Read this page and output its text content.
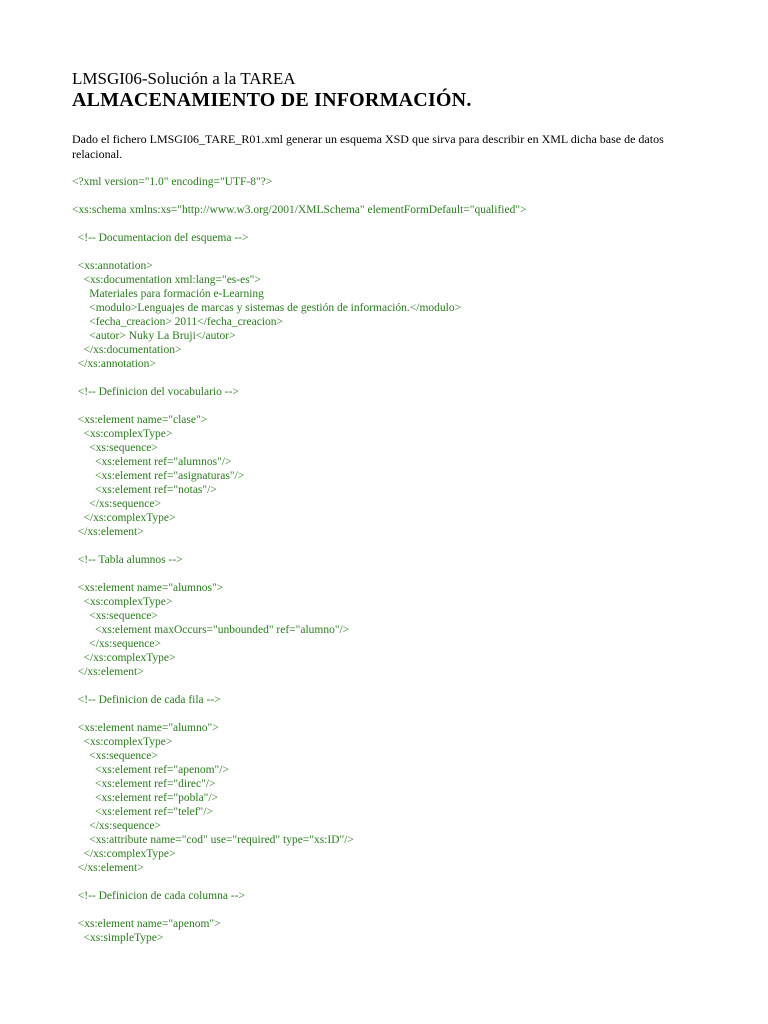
LMSGI06-Solución a la TAREA
ALMACENAMIENTO DE INFORMACIÓN.
Dado el fichero LMSGI06_TARE_R01.xml generar un esquema XSD que sirva para describir en XML dicha base de datos relacional.
<?xml version="1.0" encoding="UTF-8"?>
<xs:schema xmlns:xs="http://www.w3.org/2001/XMLSchema" elementFormDefault="qualified">
<!-- Documentacion del esquema -->
<xs:annotation>
<xs:documentation xml:lang="es-es">
Materiales para formación e-Learning
<modulo>Lenguajes de marcas y sistemas de gestión de información.</modulo>
<fecha_creacion> 2011</fecha_creacion>
<autor> Nuky La Bruji</autor>
</xs:documentation>
</xs:annotation>
<!-- Definicion del vocabulario -->
<xs:element name="clase">
<xs:complexType>
<xs:sequence>
<xs:element ref="alumnos"/>
<xs:element ref="asignaturas"/>
<xs:element ref="notas"/>
</xs:sequence>
</xs:complexType>
</xs:element>
<!-- Tabla alumnos -->
<xs:element name="alumnos">
<xs:complexType>
<xs:sequence>
<xs:element maxOccurs="unbounded" ref="alumno"/>
</xs:sequence>
</xs:complexType>
</xs:element>
<!-- Definicion de cada fila -->
<xs:element name="alumno">
<xs:complexType>
<xs:sequence>
<xs:element ref="apenom"/>
<xs:element ref="direc"/>
<xs:element ref="pobla"/>
<xs:element ref="telef"/>
</xs:sequence>
<xs:attribute name="cod" use="required" type="xs:ID"/>
</xs:complexType>
</xs:element>
<!-- Definicion de cada columna -->
<xs:element name="apenom">
<xs:simpleType>
